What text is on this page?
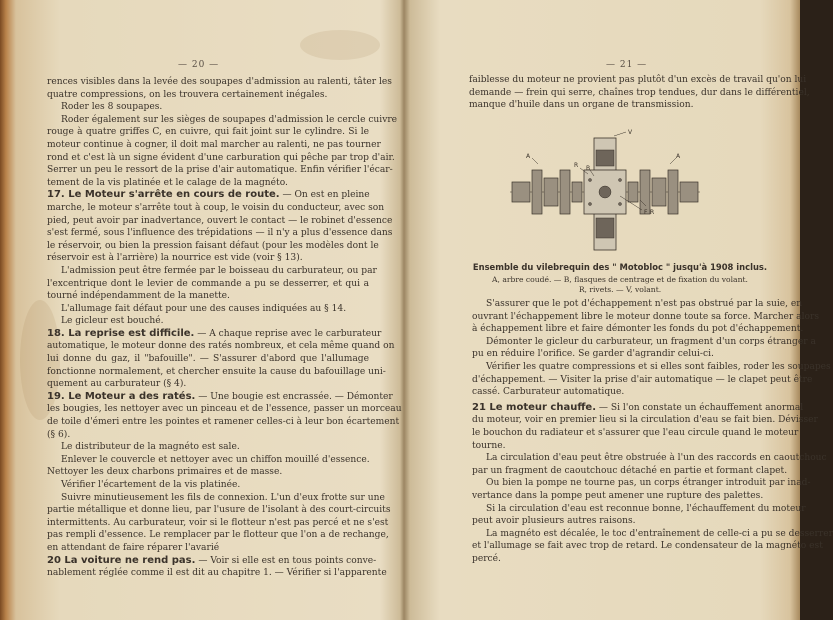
— 20 —
rences visibles dans la levée des soupapes d'admission au ralenti, tâter les
quatre compressions, on les trouvera certainement inégales.
Roder les 8 soupapes.
Roder également sur les sièges de soupapes d'admission le cercle cuivre
rouge à quatre griffes C, en cuivre, qui fait joint sur le cylindre. Si le
moteur continue à cogner, il doit mal marcher au ralenti, ne pas tourner
rond et c'est là un signe évident d'une carburation qui pêche par trop d'air.
Serrer un peu le ressort de la prise d'air automatique. Enfin vérifier l'écar-
tement de la vis platinée et le calage de la magnéto.
17. Le Moteur s'arrête en cours de route. — On est en pleine
marche, le moteur s'arrête tout à coup, le voisin du conducteur, avec son
pied, peut avoir par inadvertance, ouvert le contact — le robinet d'essence
s'est fermé, sous l'influence des trépidations — il n'y a plus d'essence dans
le réservoir, ou bien la pression faisant défaut (pour les modèles dont le
réservoir est à l'arrière) la nourrice est vide (voir § 13).
L'admission peut être fermée par le boisseau du carburateur, ou par
l'excentrique dont le levier de commande a pu se desserrer, et qui a
tourné indépendamment de la manette.
L'allumage fait défaut pour une des causes indiquées au § 14.
Le gicleur est bouché.
18. La reprise est difficile. — A chaque reprise avec le carburateur
automatique, le moteur donne des ratés nombreux, et cela même quand on
lui donne du gaz, il "bafouille". — S'assurer d'abord que l'allumage
fonctionne normalement, et chercher ensuite la cause du bafouillage uni-
quement au carburateur (§ 4).
19. Le Moteur a des ratés. — Une bougie est encrassée. — Démonter
les bougies, les nettoyer avec un pinceau et de l'essence, passer un morceau
de toile d'émeri entre les pointes et ramener celles-ci à leur bon écartement
(§ 6).
Le distributeur de la magnéto est sale.
Enlever le couvercle et nettoyer avec un chiffon mouillé d'essence.
Nettoyer les deux charbons primaires et de masse.
Vérifier l'écartement de la vis platinée.
Suivre minutieusement les fils de connexion. L'un d'eux frotte sur une
partie métallique et donne lieu, par l'usure de l'isolant à des court-circuits
intermittents. Au carburateur, voir si le flotteur n'est pas percé et ne s'est
pas rempli d'essence. Le remplacer par le flotteur que l'on a de rechange,
en attendant de faire réparer l'avarié
20 La voiture ne rend pas. — Voir si elle est en tous points conve-
nablement réglée comme il est dit au chapitre 1. — Vérifier si l'apparente
— 21 —
faiblesse du moteur ne provient pas plutôt d'un excès de travail qu'on lui
demande — frein qui serre, chaînes trop tendues, dur dans le différentiel,
manque d'huile dans un organe de transmission.
V
A
R B
A
F R
Ensemble du vilebrequin des " Motobloc " jusqu'à 1908 inclus.
A, arbre coudé. — B, flasques de centrage et de fixation du volant.
R, rivets. — V, volant.
S'assurer que le pot d'échappement n'est pas obstrué par la suie, en
ouvrant l'échappement libre le moteur donne toute sa force. Marcher alors
à échappement libre et faire démonter les fonds du pot d'échappement.
Démonter le gicleur du carburateur, un fragment d'un corps étranger a
pu en réduire l'orifice. Se garder d'agrandir celui-ci.
Vérifier les quatre compressions et si elles sont faibles, roder les soupapes
d'échappement. — Visiter la prise d'air automatique — le clapet peut être
cassé. Carburateur automatique.
21 Le moteur chauffe. — Si l'on constate un échauffement anormal
du moteur, voir en premier lieu si la circulation d'eau se fait bien. Dévisser
le bouchon du radiateur et s'assurer que l'eau circule quand le moteur
tourne.
La circulation d'eau peut être obstruée à l'un des raccords en caoutchouc
par un fragment de caoutchouc détaché en partie et formant clapet.
Ou bien la pompe ne tourne pas, un corps étranger introduit par inad-
vertance dans la pompe peut amener une rupture des palettes.
Si la circulation d'eau est reconnue bonne, l'échauffement du moteur
peut avoir plusieurs autres raisons.
La magnéto est décalée, le toc d'entraînement de celle-ci a pu se desserrer
et l'allumage se fait avec trop de retard. Le condensateur de la magnéto est
percé.
